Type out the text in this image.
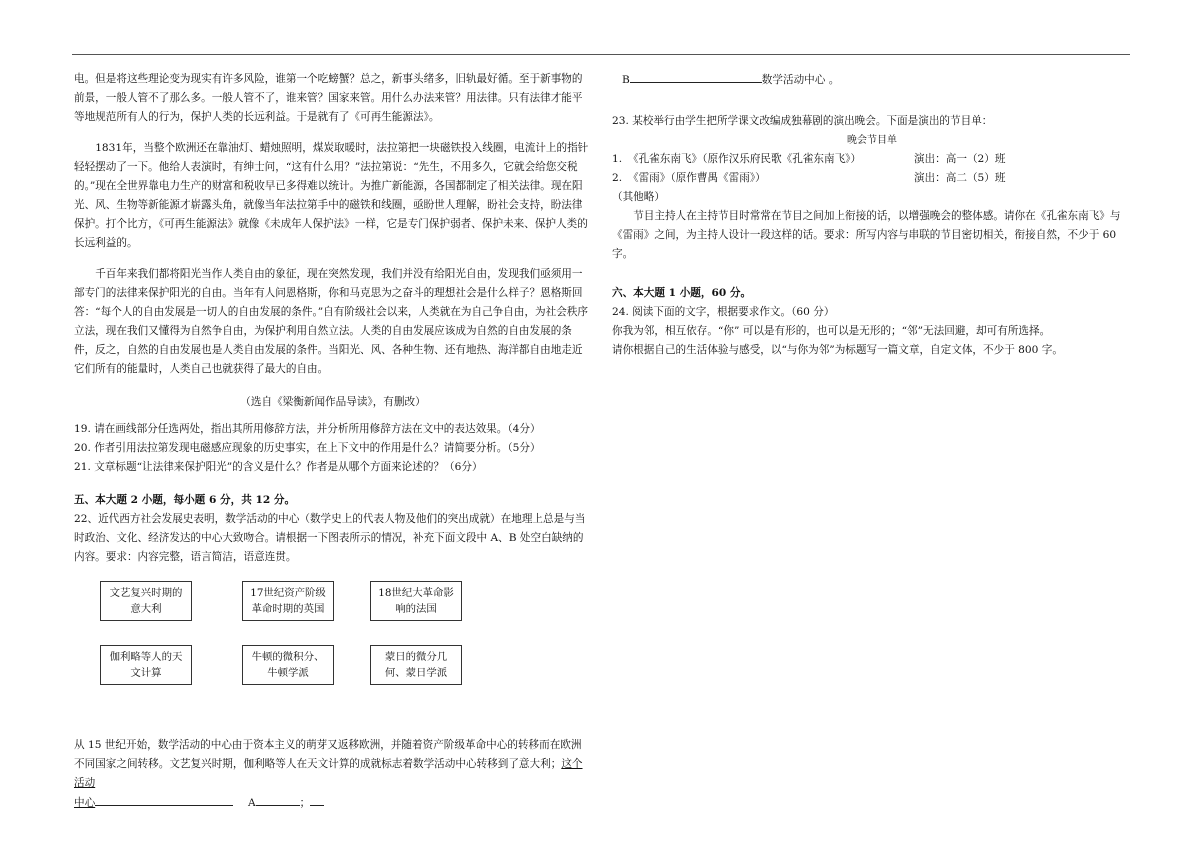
电。但是将这些理论变为现实有许多风险，谁第一个吃螃蟹？总之，新事头绪多，旧轨最好循。至于新事物的前景，一般人管不了那么多。一般人管不了，谁来管？国家来管。用什么办法来管？用法律。只有法律才能平等地规范所有人的行为，保护人类的长远利益。于是就有了《可再生能源法》。

1831年，当整个欧洲还在靠油灯、蜡烛照明，煤炭取暖时，法拉第把一块磁铁投入线圈，电流计上的指针轻轻摆动了一下。他给人表演时，有绅士问，“这有什么用？”法拉第说：“先生，不用多久，它就会给您交税的。”现在全世界靠电力生产的财富和税收早已多得难以统计。为推广新能源，各国都制定了相关法律。现在阳光、风、生物等新能源才崭露头角，就像当年法拉第手中的磁铁和线圈，亟盼世人理解，盼社会支持，盼法律保护。打个比方，《可再生能源法》就像《未成年人保护法》一样，它是专门保护弱者、保护未来、保护人类的长远利益的。

千百年来我们都将阳光当作人类自由的象征，现在突然发现，我们并没有给阳光自由，发现我们亟须用一部专门的法律来保护阳光的自由。当年有人问恩格斯，你和马克思为之奋斗的理想社会是什么样子？恩格斯回答：“每个人的自由发展是一切人的自由发展的条件。”自有阶级社会以来，人类就在为自己争自由，为社会秩序立法，现在我们又懂得为自然争自由，为保护利用自然立法。人类的自由发展应该成为自然的自由发展的条件，反之，自然的自由发展也是人类自由发展的条件。当阳光、风、各种生物、还有地热、海洋都自由地走近它们所有的能量时，人类自己也就获得了最大的自由。

（选自《梁衡新闻作品导读》，有删改）

19. 请在画线部分任选两处，指出其所用修辞方法，并分析所用修辞方法在文中的表达效果。（4分）

20. 作者引用法拉第发现电磁感应现象的历史事实，在上下文中的作用是什么？请简要分析。（5分）

21. 文章标题“让法律来保护阳光”的含义是什么？作者是从哪个方面来论述的？（6分）

五、本大题 2 小题，每小题 6 分，共 12 分。

22、近代西方社会发展史表明，数学活动的中心（数学史上的代表人物及他们的突出成就）在地理上总是与当时政治、文化、经济发达的中心大致吻合。请根据一下图表所示的情况，补充下面文段中 A、B 处空白缺纳的内容。要求：内容完整，语言简洁，语意连贯。

文艺复兴时期的意大利
17世纪资产阶级革命时期的英国
18世纪大革命影响的法国
伽利略等人的天文计算
牛顿的微积分、牛顿学派
蒙日的微分几何、蒙日学派

从 15 世纪开始，数学活动的中心由于资本主义的萌芽又返移欧洲，并随着资产阶级革命中心的转移而在欧洲不同国家之间转移。文艺复兴时期，伽利略等人在天文计算的成就标志着数学活动中心转移到了意大利；这个活动
中心	A	；

B	数学活动中心 。

23. 某校举行由学生把所学课文改编成独幕剧的演出晚会。下面是演出的节目单：

晚会节目单

1. 《孔雀东南飞》（原作汉乐府民歌《孔雀东南飞》）	演出：高一（2）班
2. 《雷雨》（原作曹禺《雷雨》）	演出：高二（5）班

（其他略）

节目主持人在主持节目时常常在节目之间加上衔接的话，以增强晚会的整体感。请你在《孔雀东南飞》与《雷雨》之间，为主持人设计一段这样的话。要求：所写内容与串联的节目密切相关，衔接自然，不少于 60 字。

六、本大题 1 小题，60 分。

24. 阅读下面的文字，根据要求作文。（60 分）

你我为邻，相互依存。“你” 可以是有形的，也可以是无形的；“邻”无法回避，却可有所选择。

请你根据自己的生活体验与感受，以“与你为邻”为标题写一篇文章，自定文体，不少于 800 字。
